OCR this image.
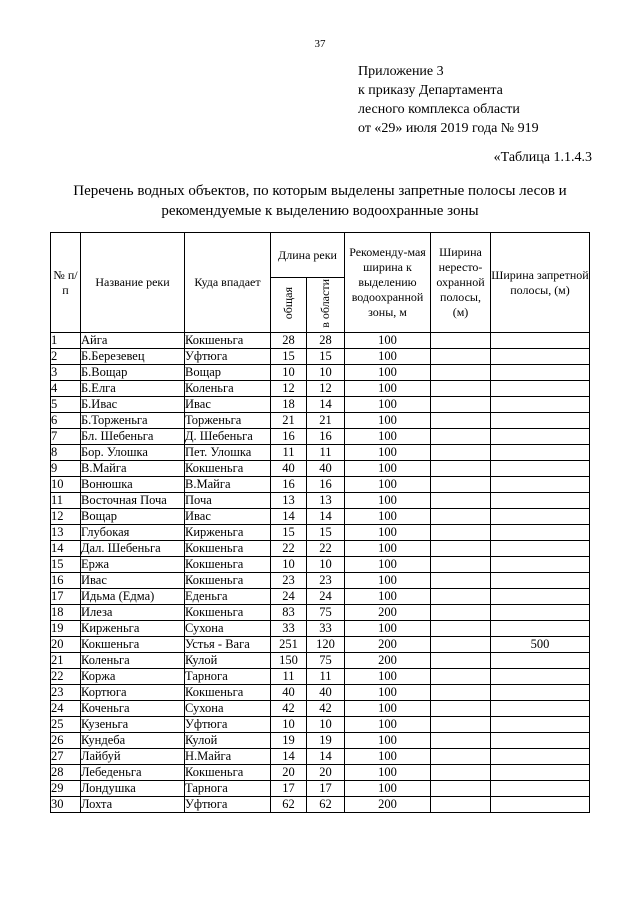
37
Приложение 3
к приказу Департамента
лесного комплекса области
от «29» июля 2019 года № 919
«Таблица 1.1.4.3
Перечень водных объектов, по которым выделены запретные полосы лесов и рекомендуемые к выделению водоохранные зоны
№ п/п	Название реки	Куда впадает	Длина реки		Рекоменду-мая ширина к выделению водоохранной зоны, м	Ширина нересто-охранной полосы, (м)	Ширина запретной полосы, (м)
			общая	в области			
1	Айга	Кокшеньга	28	28	100		
2	Б.Березевец	Уфтюга	15	15	100		
3	Б.Вощар	Вощар	10	10	100		
4	Б.Елга	Коленьга	12	12	100		
5	Б.Ивас	Ивас	18	14	100		
6	Б.Торженьга	Торженьга	21	21	100		
7	Бл. Шебеньга	Д. Шебеньга	16	16	100		
8	Бор. Улошка	Пет. Улошка	11	11	100		
9	В.Майга	Кокшеньга	40	40	100		
10	Вонюшка	В.Майга	16	16	100		
11	Восточная Поча	Поча	13	13	100		
12	Вощар	Ивас	14	14	100		
13	Глубокая	Кирженьга	15	15	100		
14	Дал. Шебеньга	Кокшеньга	22	22	100		
15	Ержа	Кокшеньга	10	10	100		
16	Ивас	Кокшеньга	23	23	100		
17	Идьма (Едма)	Еденьга	24	24	100		
18	Илеза	Кокшеньга	83	75	200		
19	Кирженьга	Сухона	33	33	100		
20	Кокшеньга	Устья - Вага	251	120	200		500
21	Коленьга	Кулой	150	75	200		
22	Коржа	Тарнога	11	11	100		
23	Кортюга	Кокшеньга	40	40	100		
24	Коченьга	Сухона	42	42	100		
25	Кузеньга	Уфтюга	10	10	100		
26	Кундеба	Кулой	19	19	100		
27	Лайбуй	Н.Майга	14	14	100		
28	Лебеденьга	Кокшеньга	20	20	100		
29	Лондушка	Тарнога	17	17	100		
30	Лохта	Уфтюга	62	62	200		
